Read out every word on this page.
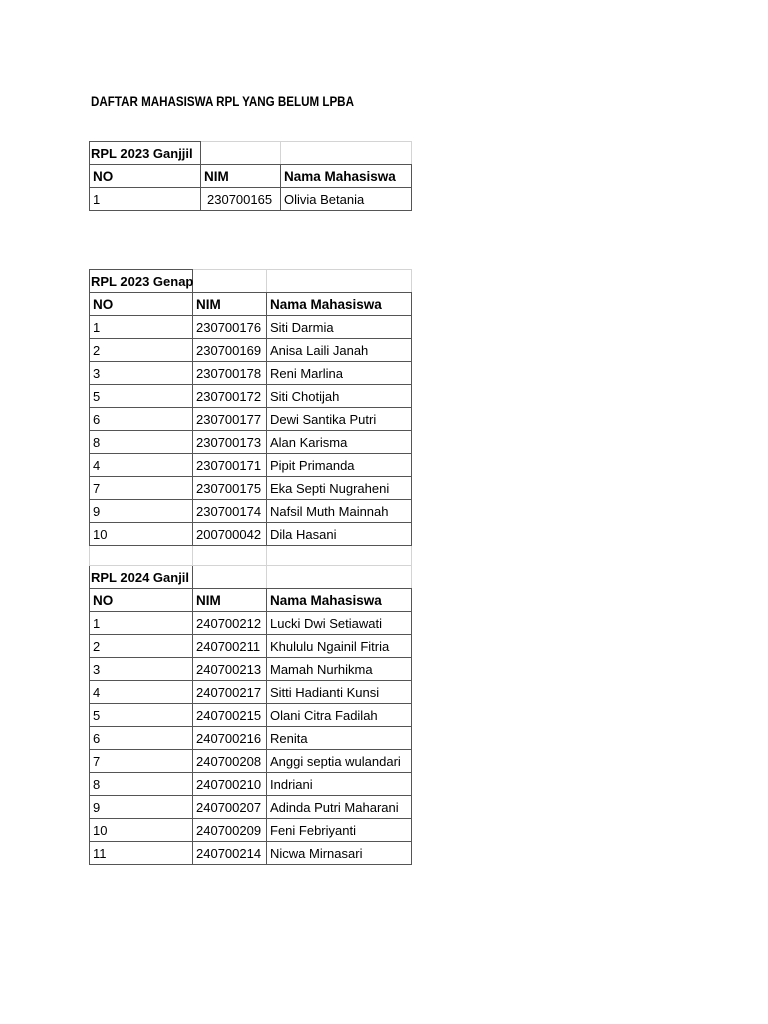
DAFTAR MAHASISWA RPL YANG BELUM LPBA
RPL 2023 Ganjjil		
NO	NIM	Nama Mahasiswa
1	230700165	Olivia Betania
RPL 2023 Genap		
NO	NIM	Nama Mahasiswa
1	230700176	Siti Darmia
2	230700169	Anisa Laili Janah
3	230700178	Reni Marlina
5	230700172	Siti Chotijah
6	230700177	Dewi Santika Putri
8	230700173	Alan Karisma
4	230700171	Pipit Primanda
7	230700175	Eka Septi Nugraheni
9	230700174	Nafsil Muth Mainnah
10	200700042	Dila Hasani

RPL 2024 Ganjil		
NO	NIM	Nama Mahasiswa
1	240700212	Lucki Dwi Setiawati
2	240700211	Khululu Ngainil Fitria
3	240700213	Mamah Nurhikma
4	240700217	Sitti Hadianti Kunsi
5	240700215	Olani Citra Fadilah
6	240700216	Renita
7	240700208	Anggi septia wulandari
8	240700210	Indriani
9	240700207	Adinda Putri Maharani
10	240700209	Feni Febriyanti
11	240700214	Nicwa Mirnasari
